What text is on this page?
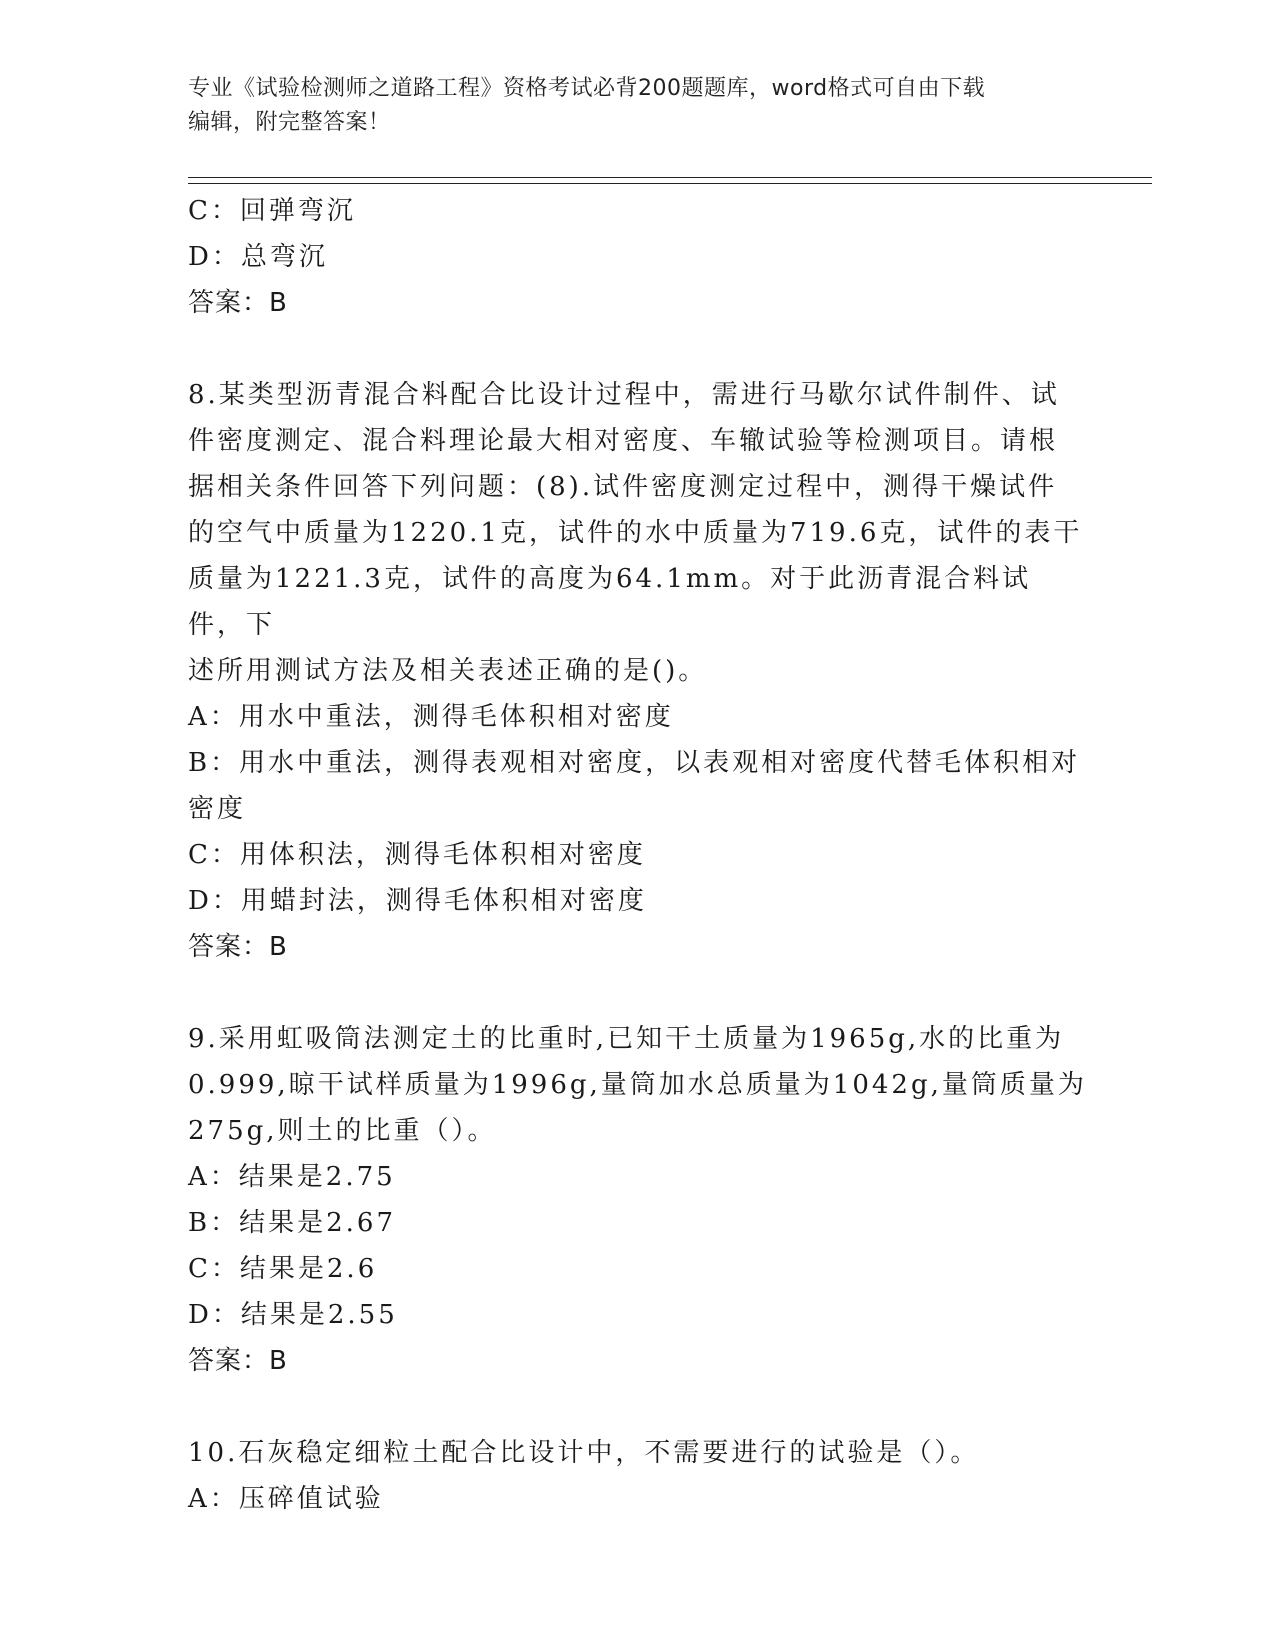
专业《试验检测师之道路工程》资格考试必背200题题库，word格式可自由下载
编辑，附完整答案！
C：回弹弯沉
D：总弯沉
答案：B
8.某类型沥青混合料配合比设计过程中，需进行马歇尔试件制件、试
件密度测定、混合料理论最大相对密度、车辙试验等检测项目。请根
据相关条件回答下列问题：(8).试件密度测定过程中，测得干燥试件
的空气中质量为1220.1克，试件的水中质量为719.6克，试件的表干
质量为1221.3克，试件的高度为64.1mm。对于此沥青混合料试件，下
述所用测试方法及相关表述正确的是()。
A：用水中重法，测得毛体积相对密度
B：用水中重法，测得表观相对密度，以表观相对密度代替毛体积相对
密度
C：用体积法，测得毛体积相对密度
D：用蜡封法，测得毛体积相对密度
答案：B
9.采用虹吸筒法测定土的比重时,已知干土质量为1965g,水的比重为
0.999,晾干试样质量为1996g,量筒加水总质量为1042g,量筒质量为
275g,则土的比重（）。
A：结果是2.75
B：结果是2.67
C：结果是2.6
D：结果是2.55
答案：B
10.石灰稳定细粒土配合比设计中，不需要进行的试验是（）。
A：压碎值试验
